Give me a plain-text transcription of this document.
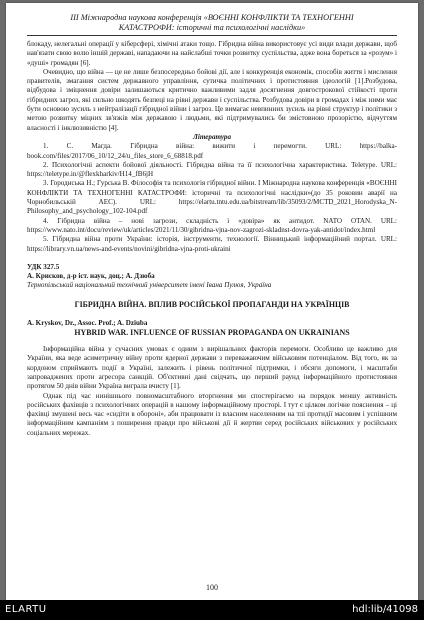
ІІІ Міжнародна наукова конференція «ВОЄННІ КОНФЛІКТИ ТА ТЕХНОГЕННІ
КАТАСТРОФИ: історичні та психологічні наслідки»

блокаду, нелегальні операції у кіберсфері, хімічні атаки тощо. Гібридна війна використовує усі види влади держави, щоб нав'язати свою волю іншій державі, нападаючи на найслабші точки розвитку суспільства, адже вона бореться за «розум» і «душі» громадян [6].

Очевидно, що війна — це не лише безпосередньо бойові дії, але і конкуренція економік, способів життя і мислення правителів, змагання систем державного управління, сутичка політичних і протистояння ідеологій [1].Розбудова, відбудова і зміцнення довіри залишаються критично важливими задля досягнення довгострокової стійкості проти гібридних загроз, які сильно шкодять безпеці на рівні держави і суспільства. Розбудова довіри в громадах і між ними має бути основою зусиль з нейтралізації гібридної війни і загроз. Це вимагає невпинних зусиль на рівні структур і політики з метою розвитку міцних зв'язків між державою і людьми, які підтримувались би змістовною прозорістю, відчуттям власності і інклюзивністю [4].

Література

1. С. Магда. Гібридна війна: вижити і перемогти. URL: https://balka-book.com/files/2017/06_10/12_24/u_files_store_6_68818.pdf

2. Психологічні аспекти бойової діяльності. Гібридна війна та її психологічна характеристика. Teletype. URL: https://teletype.in/@flexkharkiv/H14_fB6jH

3. Городиська Н.; Гурська В. Філософія та психологія гібридної війни. І Міжнародна наукова конференція «ВОЄННІ КОНФЛІКТИ ТА ТЕХНОГЕННІ КАТАСТРОФИ: історичні та психологічні наслідки»(до 35 роковин аварії на Чорнобильській АЕС). URL: https://elartu.tntu.edu.ua/bitstream/lib/35093/2/MCTD_2021_Horodyska_N-Philosophy_and_psychology_102-104.pdf

4. Гібридна війна – нові загрози, складність і «довіра» як антидот. NATO OTAN. URL: https://www.nato.int/docu/review/uk/articles/2021/11/30/gibridna-vjna-nov-zagrozi-skladnst-dovra-yak-antidot/index.html

5. Гібридна війна проти України: історія, інструменти, технології. Вінницький інформаційний портал. URL: https://library.vn.ua/news-and-events/novini/gibridna-vjna-proti-ukraini

УДК 327.5

А. Крисков, д-р іст. наук, доц.; А. Дзюба

Тернопільський національний технічний університет імені Івана Пулюя, Україна

ГІБРИДНА ВІЙНА. ВПЛИВ РОСІЙСЬКОЇ ПРОПАГАНДИ НА УКРАЇНЦІВ

A. Kryskov, Dr., Assoc. Prof.; A. Dziuba

HYBRID WAR. INFLUENCE OF RUSSIAN PROPAGANDA ON UKRAINIANS

Інформаційна війна у сучасних умовах є одним з вирішальних факторів перемоги. Особливо це важливо для України, яка веде асиметричну війну проти ядерної держави з переважаючим військовим потенціалом. Від того, як за кордоном сприймають події в Україні, залежить і рівень політичної підтримки, і обсяги допомоги, і масштаби запроваджених проти агресора санкцій. Об'єктивні дані свідчать, що перший раунд інформаційного протистояння протягом 50 днів війни Україна виграла вчисту [1].

Однак під час нинішнього повномасштабного вторгнення ми спостерігаємо на порядок меншу активність російських фахівців з психологічних операцій в нашому інформаційному просторі. І тут є цілком логічне пояснення – ці фахівці змушені весь час «сидіти в обороні», аби працювати із власним населенням на тлі протидії масовим і успішним інформаційним кампаніям з поширення правди про військові дії й жертви серед російських військових у російських соціальних мережах.

100
ELARTU	hdl:lib/41098
